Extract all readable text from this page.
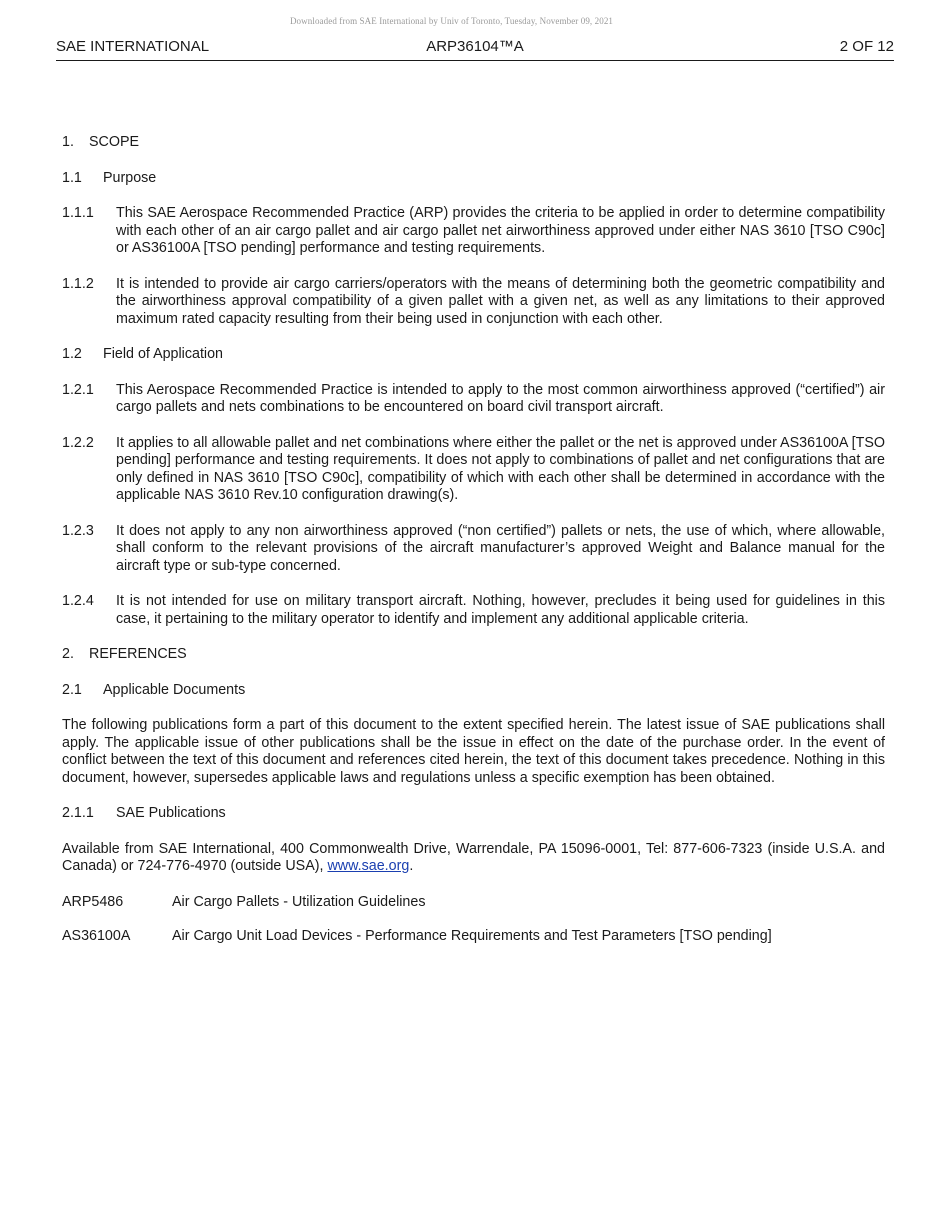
Downloaded from SAE International by Univ of Toronto, Tuesday, November 09, 2021
SAE INTERNATIONAL	ARP36104™A	2 OF 12
1. SCOPE
1.1 Purpose
1.1.1 This SAE Aerospace Recommended Practice (ARP) provides the criteria to be applied in order to determine compatibility with each other of an air cargo pallet and air cargo pallet net airworthiness approved under either NAS 3610 [TSO C90c] or AS36100A [TSO pending] performance and testing requirements.
1.1.2 It is intended to provide air cargo carriers/operators with the means of determining both the geometric compatibility and the airworthiness approval compatibility of a given pallet with a given net, as well as any limitations to their approved maximum rated capacity resulting from their being used in conjunction with each other.
1.2 Field of Application
1.2.1 This Aerospace Recommended Practice is intended to apply to the most common airworthiness approved (“certified”) air cargo pallets and nets combinations to be encountered on board civil transport aircraft.
1.2.2 It applies to all allowable pallet and net combinations where either the pallet or the net is approved under AS36100A [TSO pending] performance and testing requirements. It does not apply to combinations of pallet and net configurations that are only defined in NAS 3610 [TSO C90c], compatibility of which with each other shall be determined in accordance with the applicable NAS 3610 Rev.10 configuration drawing(s).
1.2.3 It does not apply to any non airworthiness approved (“non certified”) pallets or nets, the use of which, where allowable, shall conform to the relevant provisions of the aircraft manufacturer’s approved Weight and Balance manual for the aircraft type or sub-type concerned.
1.2.4 It is not intended for use on military transport aircraft. Nothing, however, precludes it being used for guidelines in this case, it pertaining to the military operator to identify and implement any additional applicable criteria.
2. REFERENCES
2.1 Applicable Documents
The following publications form a part of this document to the extent specified herein. The latest issue of SAE publications shall apply. The applicable issue of other publications shall be the issue in effect on the date of the purchase order. In the event of conflict between the text of this document and references cited herein, the text of this document takes precedence. Nothing in this document, however, supersedes applicable laws and regulations unless a specific exemption has been obtained.
2.1.1 SAE Publications
Available from SAE International, 400 Commonwealth Drive, Warrendale, PA 15096-0001, Tel: 877-606-7323 (inside U.S.A. and Canada) or 724-776-4970 (outside USA), www.sae.org.
ARP5486	Air Cargo Pallets - Utilization Guidelines
AS36100A	Air Cargo Unit Load Devices - Performance Requirements and Test Parameters [TSO pending]
